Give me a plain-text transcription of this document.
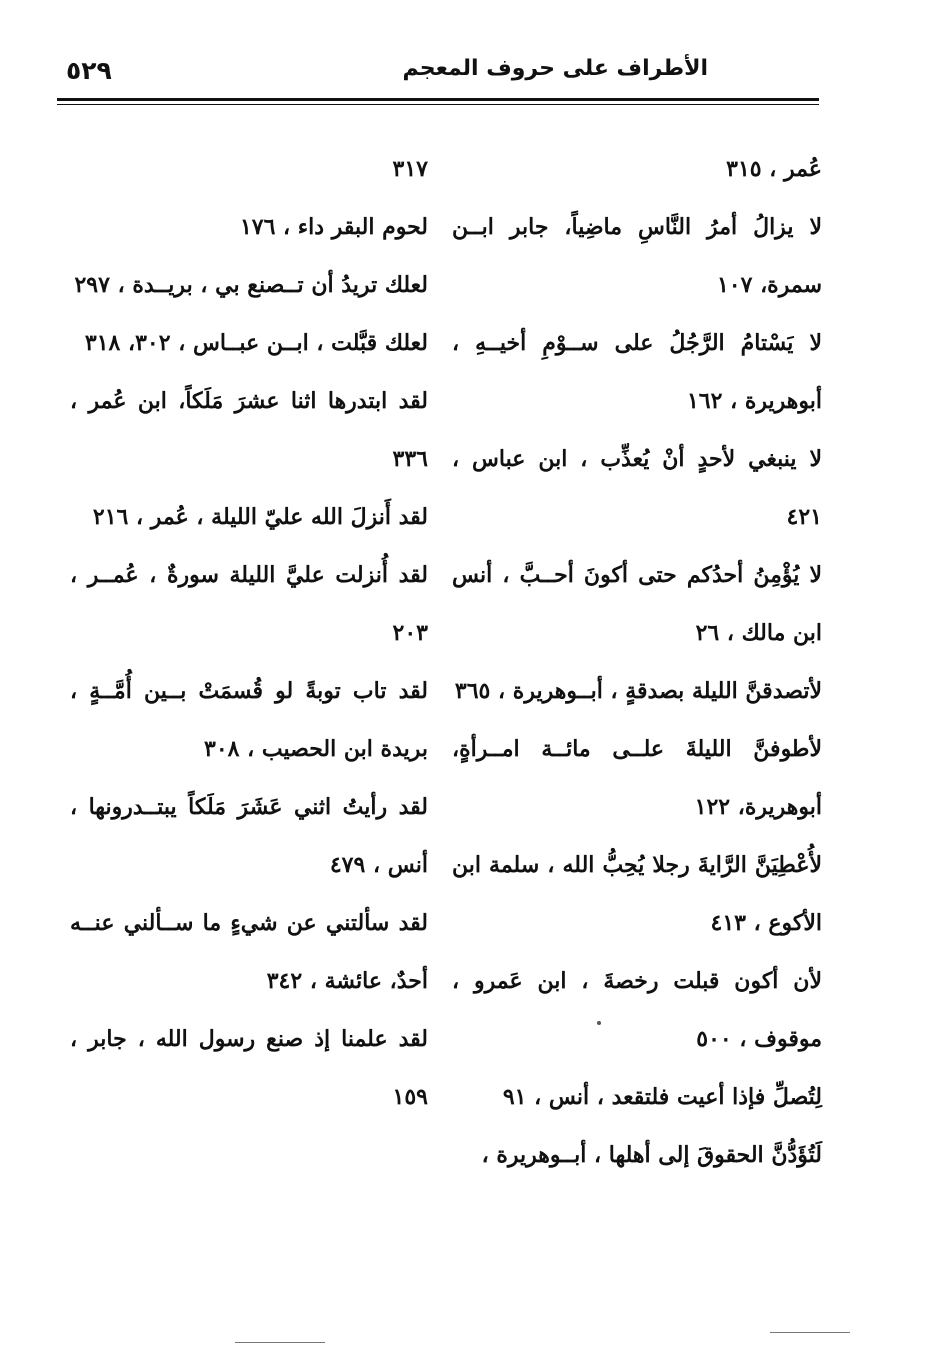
٥٢٩	الأطراف على حروف المعجم

عُمر ، ٣١٥

لا يزالُ أمرُ النَّاسِ ماضِياً، جابر ابــن سمرة، ١٠٧

لا يَسْتامُ الرَّجُلُ على ســوْمِ أخيــهِ ، أبوهريرة ، ١٦٢

لا ينبغي لأحدٍ أنْ يُعذِّب ، ابن عباس ، ٤٢١

لا يُؤْمِنُ أحدُكم حتى أكونَ أحــبَّ ، أنس ابن مالك ، ٢٦

لأتصدقنَّ الليلة بصدقةٍ ، أبــوهريرة ، ٣٦٥

لأطوفنَّ الليلةَ علــى مائــة امــرأةٍ، أبوهريرة، ١٢٢

لأُعْطِيَنَّ الرَّايةَ رجلا يُحِبُّ الله ، سلمة ابن الأكوع ، ٤١٣

لأن أكون قبلت رخصةَ ، ابن عَمرو ، موقوف ، ٥٠٠

لِتُصلِّ فإذا أعيت فلتقعد ، أنس ، ٩١

لَتُؤَدُّنَّ الحقوقَ إلى أهلها ، أبــوهريرة ،

٣١٧

لحوم البقر داء ، ١٧٦

لعلك تريدُ أن تــصنع بي ، بريــدة ، ٢٩٧

لعلك قبَّلت ، ابــن عبــاس ، ٣٠٢، ٣١٨

لقد ابتدرها اثنا عشرَ مَلَكاً، ابن عُمر ، ٣٣٦

لقد أَنزلَ الله عليّ الليلة ، عُمر ، ٢١٦

لقد أُنزلت عليَّ الليلة سورةٌ ، عُمــر ، ٢٠٣

لقد تاب توبةً لو قُسمَتْ بــين أُمَّــةٍ ، بريدة ابن الحصيب ، ٣٠٨

لقد رأيتُ اثني عَشَرَ مَلَكاً يبتــدرونها ، أنس ، ٤٧٩

لقد سألتني عن شيءٍ ما ســألني عنــه أحدٌ، عائشة ، ٣٤٢

لقد علمنا إذ صنع رسول الله ، جابر ، ١٥٩
